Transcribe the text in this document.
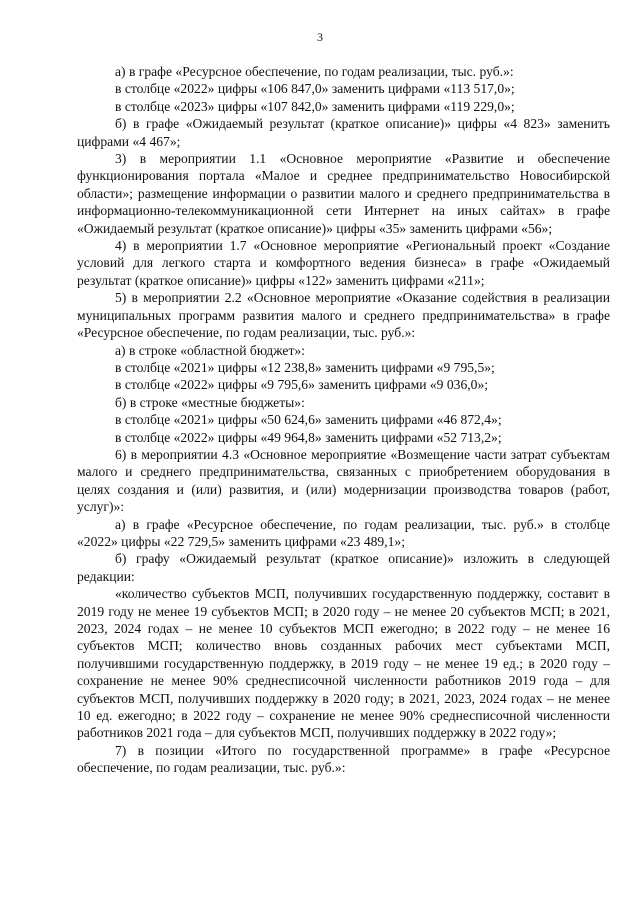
3

а) в графе «Ресурсное обеспечение, по годам реализации, тыс. руб.»:

в столбце «2022» цифры «106 847,0» заменить цифрами «113 517,0»;

в столбце «2023» цифры «107 842,0» заменить цифрами «119 229,0»;

б) в графе «Ожидаемый результат (краткое описание)» цифры «4 823» заменить цифрами «4 467»;

3) в мероприятии 1.1 «Основное мероприятие «Развитие и обеспечение функционирования портала «Малое и среднее предпринимательство Новосибирской области»; размещение информации о развитии малого и среднего предпринимательства в информационно-телекоммуникационной сети Интернет на иных сайтах» в графе «Ожидаемый результат (краткое описание)» цифры «35» заменить цифрами «56»;

4) в мероприятии 1.7 «Основное мероприятие «Региональный проект «Создание условий для легкого старта и комфортного ведения бизнеса» в графе «Ожидаемый результат (краткое описание)» цифры «122» заменить цифрами «211»;

5) в мероприятии 2.2 «Основное мероприятие «Оказание содействия в реализации муниципальных программ развития малого и среднего предпринимательства» в графе «Ресурсное обеспечение, по годам реализации, тыс. руб.»:

а) в строке «областной бюджет»:

в столбце «2021» цифры «12 238,8» заменить цифрами «9 795,5»;

в столбце «2022» цифры «9 795,6» заменить цифрами «9 036,0»;

б) в строке «местные бюджеты»:

в столбце «2021» цифры «50 624,6» заменить цифрами «46 872,4»;

в столбце «2022» цифры «49 964,8» заменить цифрами «52 713,2»;

6) в мероприятии 4.3 «Основное мероприятие «Возмещение части затрат субъектам малого и среднего предпринимательства, связанных с приобретением оборудования в целях создания и (или) развития, и (или) модернизации производства товаров (работ, услуг)»:

а) в графе «Ресурсное обеспечение, по годам реализации, тыс. руб.» в столбце «2022» цифры «22 729,5» заменить цифрами «23 489,1»;

б) графу «Ожидаемый результат (краткое описание)» изложить в следующей редакции:

«количество субъектов МСП, получивших государственную поддержку, составит в 2019 году не менее 19 субъектов МСП; в 2020 году – не менее 20 субъектов МСП; в 2021, 2023, 2024 годах – не менее 10 субъектов МСП ежегодно; в 2022 году – не менее 16 субъектов МСП; количество вновь созданных рабочих мест субъектами МСП, получившими государственную поддержку, в 2019 году – не менее 19 ед.; в 2020 году – сохранение не менее 90% среднесписочной численности работников 2019 года – для субъектов МСП, получивших поддержку в 2020 году; в 2021, 2023, 2024 годах – не менее 10 ед. ежегодно; в 2022 году – сохранение не менее 90% среднесписочной численности работников 2021 года – для субъектов МСП, получивших поддержку в 2022 году»;

7) в позиции «Итого по государственной программе» в графе «Ресурсное обеспечение, по годам реализации, тыс. руб.»:
